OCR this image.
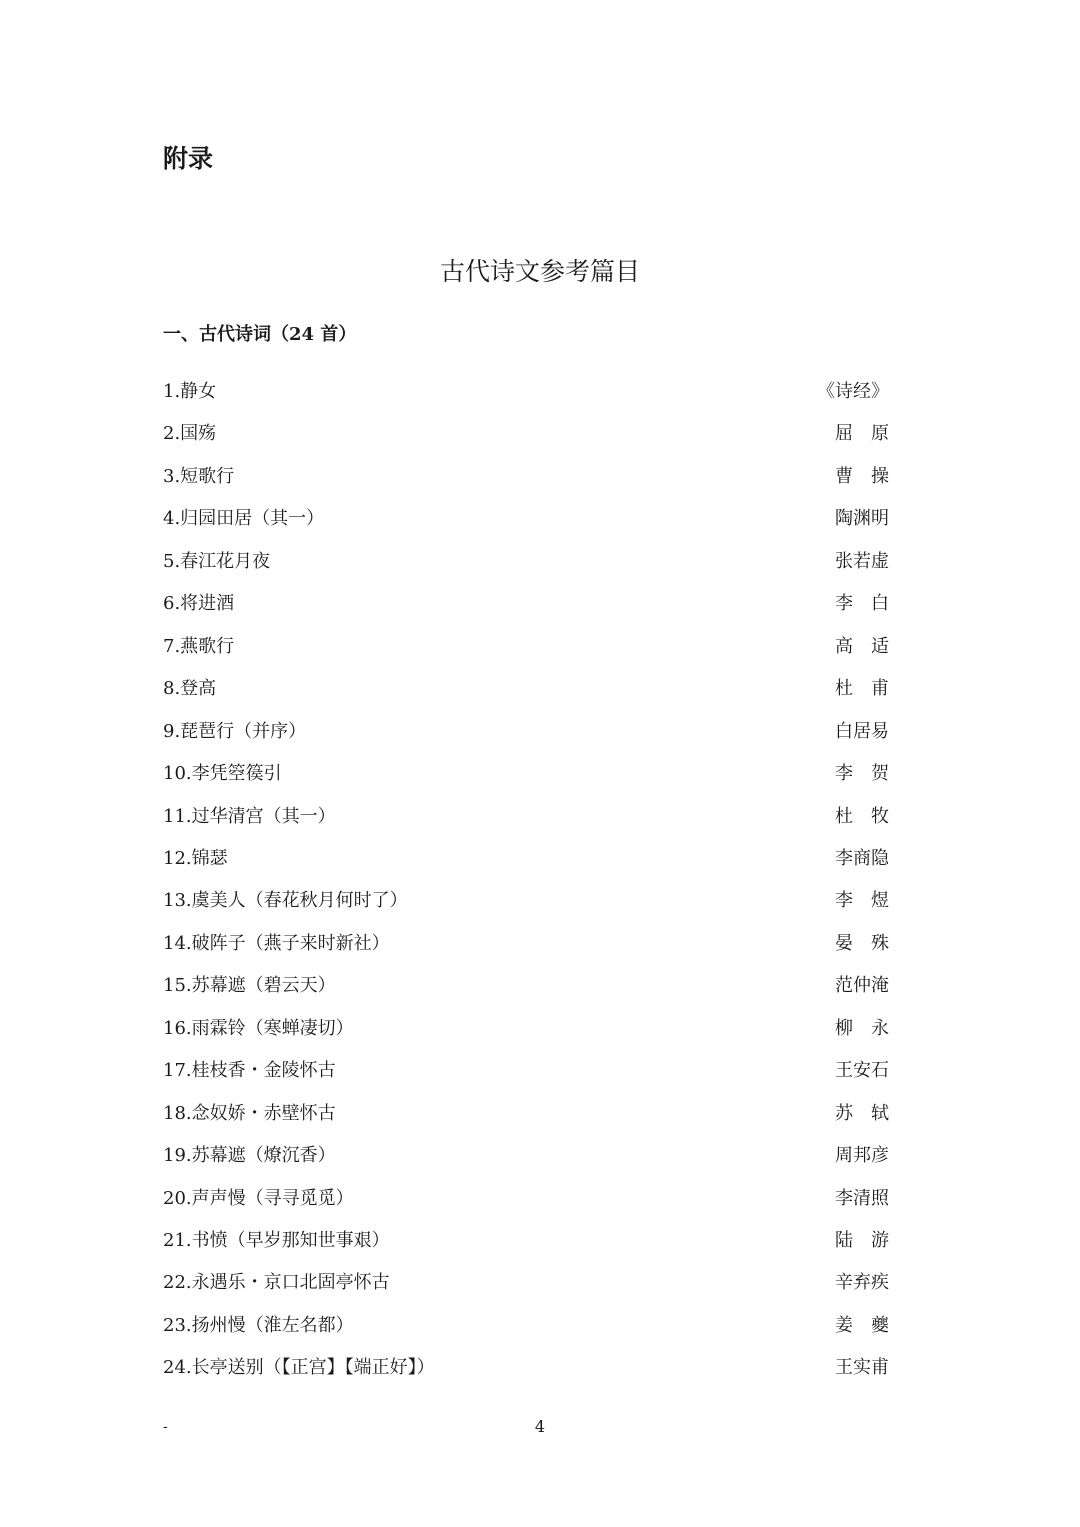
附录
古代诗文参考篇目
一、古代诗词（24 首）
1.静女	《诗经》
2.国殇	屈　原
3.短歌行	曹　操
4.归园田居（其一）	陶渊明
5.春江花月夜	张若虚
6.将进酒	李　白
7.燕歌行	高　适
8.登高	杜　甫
9.琵琶行（并序）	白居易
10.李凭箜篌引	李　贺
11.过华清宫（其一）	杜　牧
12.锦瑟	李商隐
13.虞美人（春花秋月何时了）	李　煜
14.破阵子（燕子来时新社）	晏　殊
15.苏幕遮（碧云天）	范仲淹
16.雨霖铃（寒蝉凄切）	柳　永
17.桂枝香・金陵怀古	王安石
18.念奴娇・赤壁怀古	苏　轼
19.苏幕遮（燎沉香）	周邦彦
20.声声慢（寻寻觅觅）	李清照
21.书愤（早岁那知世事艰）	陆　游
22.永遇乐・京口北固亭怀古	辛弃疾
23.扬州慢（淮左名都）	姜　夔
24.长亭送别（【正宫】【端正好】）	王实甫
-	4
